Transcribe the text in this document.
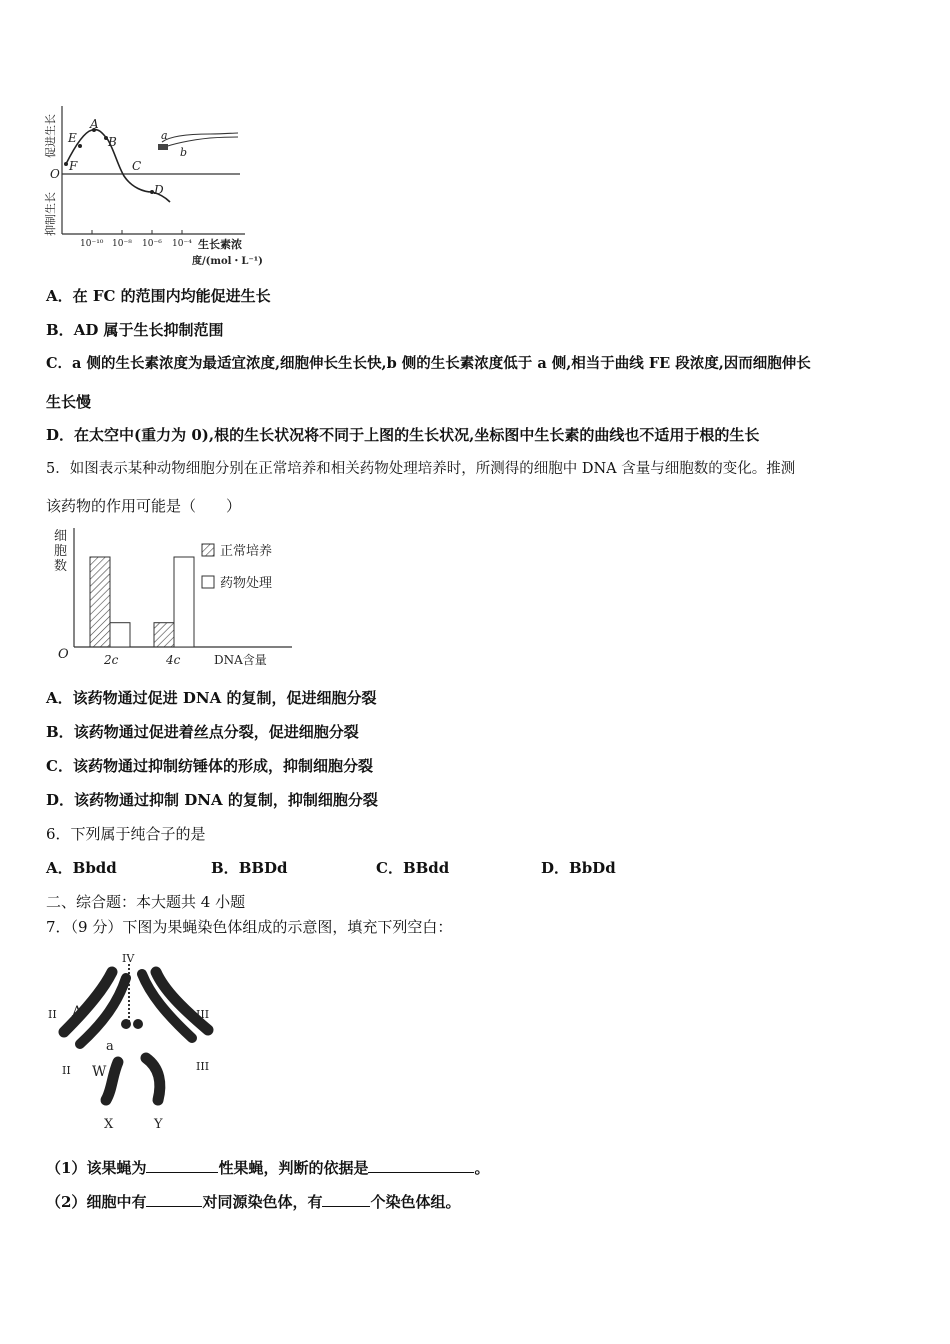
A
B
C
D
E
F
O
促进生长
抑制生长
10⁻¹⁰ 10⁻⁸ 10⁻⁶ 10⁻⁴ 生长素浓
度/(mol・L⁻¹)
a
b
A．在 FC 的范围内均能促进生长
B．AD 属于生长抑制范围
C．a 侧的生长素浓度为最适宜浓度,细胞伸长生长快,b 侧的生长素浓度低于 a 侧,相当于曲线 FE 段浓度,因而细胞伸长
生长慢
D．在太空中(重力为 0),根的生长状况将不同于上图的生长状况,坐标图中生长素的曲线也不适用于根的生长
5．如图表示某种动物细胞分别在正常培养和相关药物处理培养时，所测得的细胞中 DNA 含量与细胞数的变化。推测
该药物的作用可能是（　　）
细 胞 数
O	2c	4c	DNA含量
正常培养
药物处理
A．该药物通过促进 DNA 的复制，促进细胞分裂
B．该药物通过促进着丝点分裂，促进细胞分裂
C．该药物通过抑制纺锤体的形成，抑制细胞分裂
D．该药物通过抑制 DNA 的复制，抑制细胞分裂
6．下列属于纯合子的是
A．Bbdd	B．BBDd	C．BBdd	D．BbDd
二、综合题：本大题共 4 小题
7．（9 分）下图为果蝇染色体组成的示意图，填充下列空白：
IV
II	III
II	III
A
a
W
X	Y
（1）该果蝇为	性果蝇，判断的依据是	。
（2）细胞中有	对同源染色体，有	个染色体组。
